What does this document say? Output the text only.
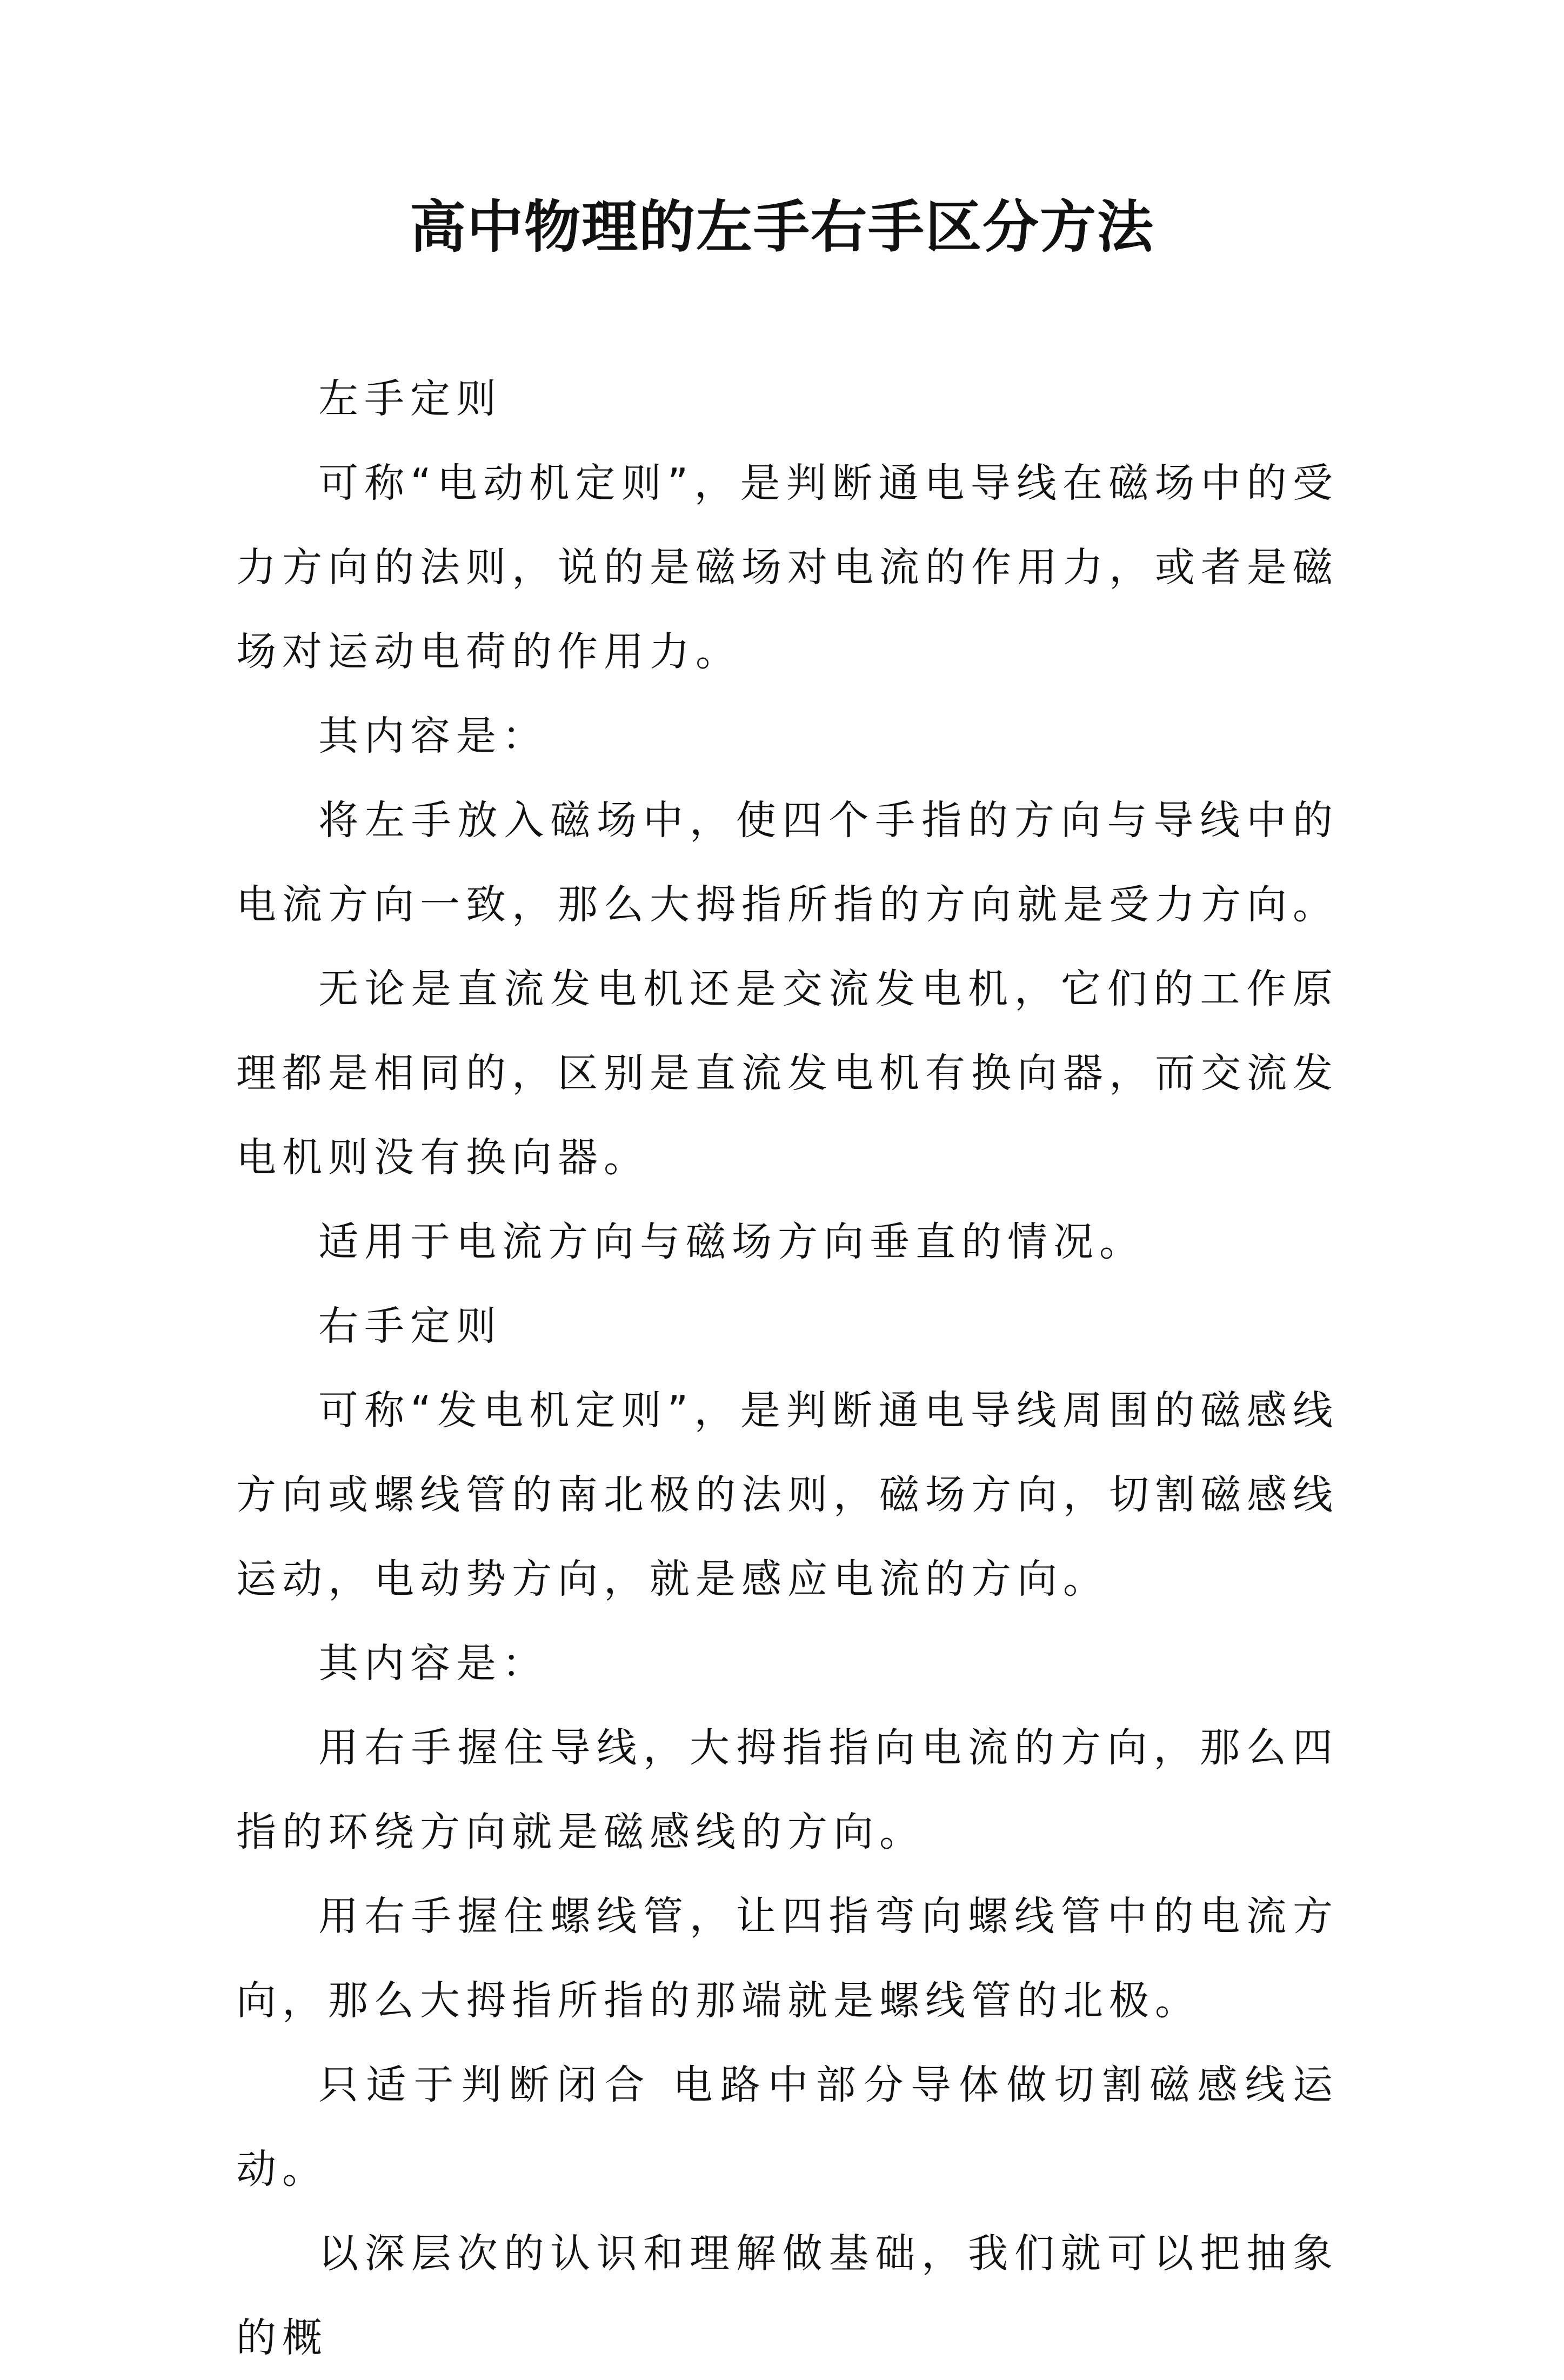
高中物理的左手右手区分方法

左手定则

可称“电动机定则”，是判断通电导线在磁场中的受力方向的法则，说的是磁场对电流的作用力，或者是磁场对运动电荷的作用力。

其内容是：

将左手放入磁场中，使四个手指的方向与导线中的电流方向一致，那么大拇指所指的方向就是受力方向。

无论是直流发电机还是交流发电机，它们的工作原理都是相同的，区别是直流发电机有换向器，而交流发电机则没有换向器。

适用于电流方向与磁场方向垂直的情况。

右手定则

可称“发电机定则”，是判断通电导线周围的磁感线方向或螺线管的南北极的法则，磁场方向，切割磁感线运动，电动势方向，就是感应电流的方向。

其内容是：

用右手握住导线，大拇指指向电流的方向，那么四指的环绕方向就是磁感线的方向。

用右手握住螺线管，让四指弯向螺线管中的电流方向，那么大拇指所指的那端就是螺线管的北极。

只适于判断闭合 电路中部分导体做切割磁感线运动。

以深层次的认识和理解做基础，我们就可以把抽象的概
